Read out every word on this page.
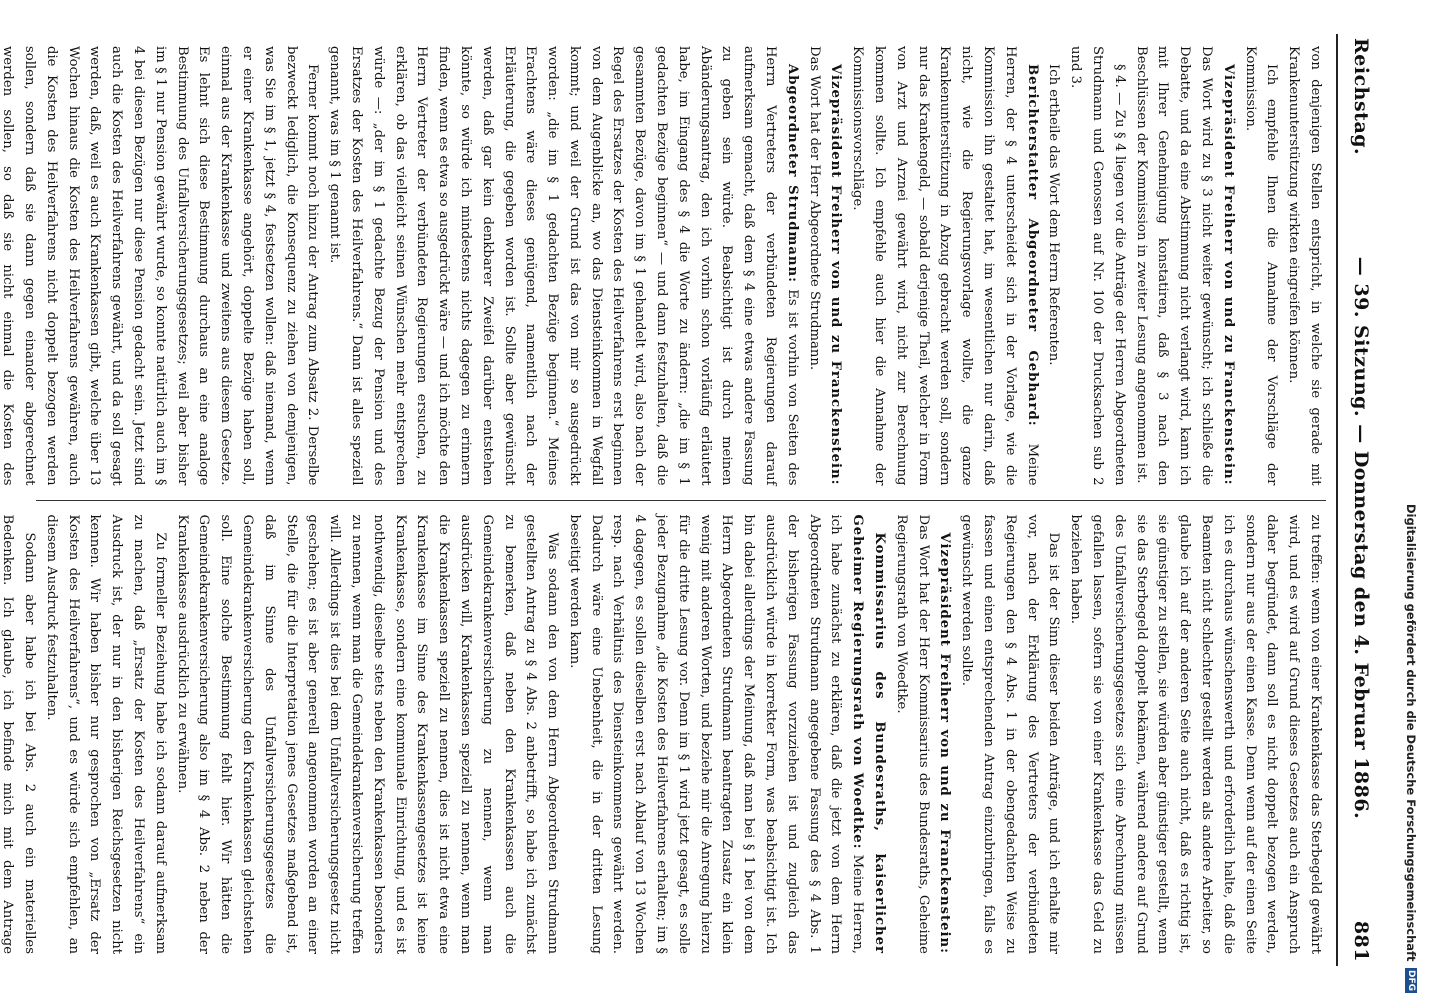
Reichstag.
— 39. Sitzung. — Donnerstag den 4. Februar 1886.
881

von denjenigen Stellen entspricht, in welche sie gerade mit Krankenunterstützung wirkten eingreifen können.

Ich empfehle Ihnen die Annahme der Vorschläge der Kommission.

Vizepräsident Freiherr von und zu Franckenstein: Das Wort wird zu § 3 nicht weiter gewünscht; ich schließe die Debatte, und da eine Abstimmung nicht verlangt wird, kann ich mit Ihrer Genehmigung konstatiren, daß § 3 nach den Beschlüssen der Kommission in zweiter Lesung angenommen ist.

§ 4. — Zu § 4 liegen vor die Anträge der Herren Abgeordneten Strudmann und Genossen auf Nr. 100 der Drucksachen sub 2 und 3.

Ich ertheile das Wort dem Herrn Referenten.

Berichterstatter Abgeordneter Gebhard: Meine Herren, der § 4 unterscheidet sich in der Vorlage, wie die Kommission ihn gestaltet hat, im wesentlichen nur darin, daß nicht, wie die Regierungsvorlage wollte, die ganze Krankenunterstützung in Abzug gebracht werden soll, sondern nur das Krankengeld, — sobald derjenige Theil, welcher in Form von Arzt und Arznei gewährt wird, nicht zur Berechnung kommen sollte. Ich empfehle auch hier die Annahme der Kommissionsvorschläge.

Vizepräsident Freiherr von und zu Franckenstein: Das Wort hat der Herr Abgeordnete Strudmann.

Abgeordneter Strudmann: Es ist vorhin von Seiten des Herrn Vertreters der verbündeten Regierungen darauf aufmerksam gemacht, daß dem § 4 eine etwas andere Fassung zu geben sein würde. Beabsichtigt ist durch meinen Abänderungsantrag, den ich vorhin schon vorläufig erläutert habe, im Eingang des § 4 die Worte zu ändern: „die im § 1 gedachten Bezüge beginnen“ — und dann festzuhalten, daß die gesammten Bezüge, davon im § 1 gehandelt wird, also nach der Regel des Ersatzes der Kosten des Heilverfahrens erst beginnen von dem Augenblicke an, wo das Diensteinkommen in Wegfall kommt; und weil der Grund ist das von mir so ausgedrückt worden: „die im § 1 gedachten Bezüge beginnen.“ Meines Erachtens wäre dieses genügend, namentlich nach der Erläuterung, die gegeben worden ist. Sollte aber gewünscht werden, daß gar kein denkbarer Zweifel darüber entstehen könnte, so würde ich mindestens nichts dagegen zu erinnern finden, wenn es etwa so ausgedrückt wäre — und ich möchte den Herrn Vertreter der verbündeten Regierungen ersuchen, zu erklären, ob das vielleicht seinen Wünschen mehr entsprechen würde —: „der im § 1 gedachte Bezug der Pension und des Ersatzes der Kosten des Heilverfahrens.“ Dann ist alles speziell genannt, was im § 1 genannt ist.

Ferner kommt noch hinzu der Antrag zum Absatz 2. Derselbe bezweckt lediglich, die Konsequenz zu ziehen von demjenigen, was Sie im § 1, jetzt § 4, festsetzen wollen: daß niemand, wenn er einer Krankenkasse angehört, doppelte Bezüge haben soll, einmal aus der Krankenkasse und zweitens aus diesem Gesetze. Es lehnt sich diese Bestimmung durchaus an eine analoge Bestimmung des Unfallversicherungsgesetzes; weil aber bisher im § 1 nur Pension gewährt wurde, so konnte natürlich auch im § 4 bei diesen Bezügen nur diese Pension gedacht sein. Jetzt sind auch die Kosten des Heilverfahrens gewährt, und da soll gesagt werden, daß, weil es auch Krankenkassen gibt, welche über 13 Wochen hinaus die Kosten des Heilverfahrens gewähren, auch die Kosten des Heilverfahrens nicht doppelt bezogen werden sollen, sondern daß sie dann gegen einander abgerechnet werden sollen, so daß sie nicht einmal die Kosten des

zu treffen: wenn von einer Krankenkasse das Sterbegeld gewährt wird, und es wird auf Grund dieses Gesetzes auch ein Anspruch daher begründet, dann soll es nicht doppelt bezogen werden, sondern nur aus der einen Kasse. Denn wenn auf der einen Seite ich es durchaus wünschenswerth und erforderlich halte, daß die Beamten nicht schlechter gestellt werden als andere Arbeiter, so glaube ich auf der anderen Seite auch nicht, daß es richtig ist, sie günstiger zu stellen, sie würden aber günstiger gestellt, wenn sie das Sterbegeld doppelt bekämen, während andere auf Grund des Unfallversicherungsgesetzes sich eine Abrechnung müssen gefallen lassen, sofern sie von einer Krankenkasse das Geld zu beziehen haben.

Das ist der Sinn dieser beiden Anträge, und ich erhalte mir vor, nach der Erklärung des Vertreters der verbündeten Regierungen den § 4 Abs. 1 in der obengedachten Weise zu fassen und einen entsprechenden Antrag einzubringen, falls es gewünscht werden sollte.

Vizepräsident Freiherr von und zu Franckenstein: Das Wort hat der Herr Kommissarius des Bundesraths, Geheime Regierungsrath von Woedtke.

Kommissarius des Bundesraths, kaiserlicher Geheimer Regierungsrath von Woedtke: Meine Herren, ich habe zunächst zu erklären, daß die jetzt von dem Herrn Abgeordneten Strudmann angegebene Fassung des § 4 Abs. 1 der bisherigen Fassung vorzuziehen ist und zugleich das ausdrücklich würde in korrekter Form, was beabsichtigt ist. Ich bin dabei allerdings der Meinung, daß man bei § 1 bei von dem Herrn Abgeordneten Strudmann beantragten Zusatz ein klein wenig mit anderen Worten, und beziehe mir die Anregung hierzu für die dritte Lesung vor. Denn im § 1 wird jetzt gesagt, es solle jeder Bezugnahme „die Kosten des Heilverfahrens erhalten; im § 4 dagegen, es sollen dieselben erst nach Ablauf von 13 Wochen resp. nach Verhältnis des Diensteinkommens gewährt werden. Dadurch wäre eine Unebenheit, die in der dritten Lesung beseitigt werden kann.

Was sodann den von dem Herrn Abgeordneten Strudmann gestellten Antrag zu § 4 Abs. 2 anbetrifft, so habe ich zunächst zu bemerken, daß neben den Krankenkassen auch die Gemeindekrankenversicherung zu nennen, wenn man ausdrücken will, Krankenkassen speziell zu nennen, wenn man die Krankenkassen speziell zu nennen, dies ist nicht etwa eine Krankenkasse im Sinne des Krankenkassengesetzes ist keine Krankenkasse, sondern eine kommunale Einrichtung, und es ist nothwendig, dieselbe stets neben den Krankenkassen besonders zu nennen, wenn man die Gemeindekrankenversicherung treffen will. Allerdings ist dies bei dem Unfallversicherungsgesetz nicht geschehen; es ist aber generell angenommen worden an einer Stelle, die für die Interpretation jenes Gesetzes maßgebend ist, daß im Sinne des Unfallversicherungsgesetzes die Gemeindekrankenversicherung den Krankenkassen gleichstehen soll. Eine solche Bestimmung fehlt hier. Wir hätten die Gemeindekrankenversicherung also im § 4 Abs. 2 neben der Krankenkasse ausdrücklich zu erwähnen.

Zu formeller Beziehung habe ich sodann darauf aufmerksam zu machen, daß „Ersatz der Kosten des Heilverfahrens“ ein Ausdruck ist, der nur in den bisherigen Reichsgesetzen nicht kennen. Wir haben bisher nur gesprochen von „Ersatz der Kosten des Heilverfahrens“, und es würde sich empfehlen, an diesem Ausdruck festzuhalten.

Sodann aber habe ich bei Abs. 2 auch ein materielles Bedenken. Ich glaube, ich befinde mich mit dem Antrage	Digitalisierung gefördert durch die Deutsche Forschungsgemeinschaft
DFG
